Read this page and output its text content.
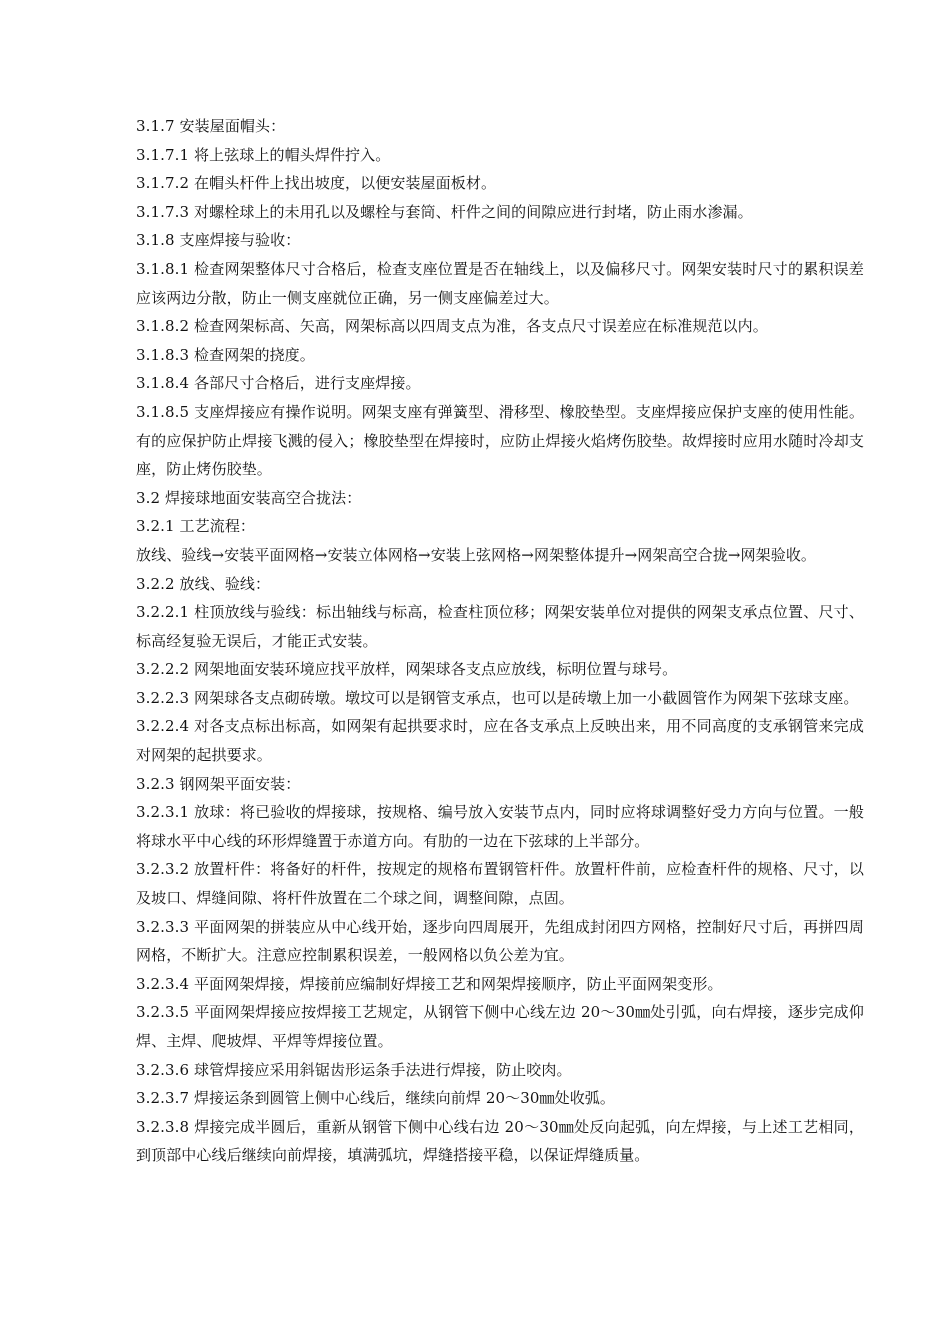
3.1.7 安装屋面帽头：

3.1.7.1 将上弦球上的帽头焊件拧入。

3.1.7.2 在帽头杆件上找出坡度，以便安装屋面板材。

3.1.7.3 对螺栓球上的未用孔以及螺栓与套筒、杆件之间的间隙应进行封堵，防止雨水渗漏。

3.1.8 支座焊接与验收：

3.1.8.1 检查网架整体尺寸合格后，检查支座位置是否在轴线上，以及偏移尺寸。网架安装时尺寸的累积误差应该两边分散，防止一侧支座就位正确，另一侧支座偏差过大。

3.1.8.2 检查网架标高、矢高，网架标高以四周支点为准，各支点尺寸误差应在标准规范以内。

3.1.8.3 检查网架的挠度。

3.1.8.4 各部尺寸合格后，进行支座焊接。

3.1.8.5 支座焊接应有操作说明。网架支座有弹簧型、滑移型、橡胶垫型。支座焊接应保护支座的使用性能。有的应保护防止焊接飞溅的侵入；橡胶垫型在焊接时，应防止焊接火焰烤伤胶垫。故焊接时应用水随时冷却支座，防止烤伤胶垫。

3.2 焊接球地面安装高空合拢法：

3.2.1 工艺流程：

放线、验线→安装平面网格→安装立体网格→安装上弦网格→网架整体提升→网架高空合拢→网架验收。

3.2.2 放线、验线：

3.2.2.1 柱顶放线与验线：标出轴线与标高，检查柱顶位移；网架安装单位对提供的网架支承点位置、尺寸、标高经复验无误后，才能正式安装。

3.2.2.2 网架地面安装环境应找平放样，网架球各支点应放线，标明位置与球号。

3.2.2.3 网架球各支点砌砖墩。墩坟可以是钢管支承点，也可以是砖墩上加一小截圆管作为网架下弦球支座。

3.2.2.4 对各支点标出标高，如网架有起拱要求时，应在各支承点上反映出来，用不同高度的支承钢管来完成对网架的起拱要求。

3.2.3 钢网架平面安装：

3.2.3.1 放球：将已验收的焊接球，按规格、编号放入安装节点内，同时应将球调整好受力方向与位置。一般将球水平中心线的环形焊缝置于赤道方向。有肋的一边在下弦球的上半部分。

3.2.3.2 放置杆件：将备好的杆件，按规定的规格布置钢管杆件。放置杆件前，应检查杆件的规格、尺寸，以及坡口、焊缝间隙、将杆件放置在二个球之间，调整间隙，点固。

3.2.3.3 平面网架的拼装应从中心线开始，逐步向四周展开，先组成封闭四方网格，控制好尺寸后，再拼四周网格，不断扩大。注意应控制累积误差，一般网格以负公差为宜。

3.2.3.4 平面网架焊接，焊接前应编制好焊接工艺和网架焊接顺序，防止平面网架变形。

3.2.3.5 平面网架焊接应按焊接工艺规定，从钢管下侧中心线左边 20～30㎜处引弧，向右焊接，逐步完成仰焊、主焊、爬坡焊、平焊等焊接位置。

3.2.3.6 球管焊接应采用斜锯齿形运条手法进行焊接，防止咬肉。

3.2.3.7 焊接运条到圆管上侧中心线后，继续向前焊 20～30㎜处收弧。

3.2.3.8 焊接完成半圆后，重新从钢管下侧中心线右边 20～30㎜处反向起弧，向左焊接，与上述工艺相同，到顶部中心线后继续向前焊接，填满弧坑，焊缝搭接平稳，以保证焊缝质量。
